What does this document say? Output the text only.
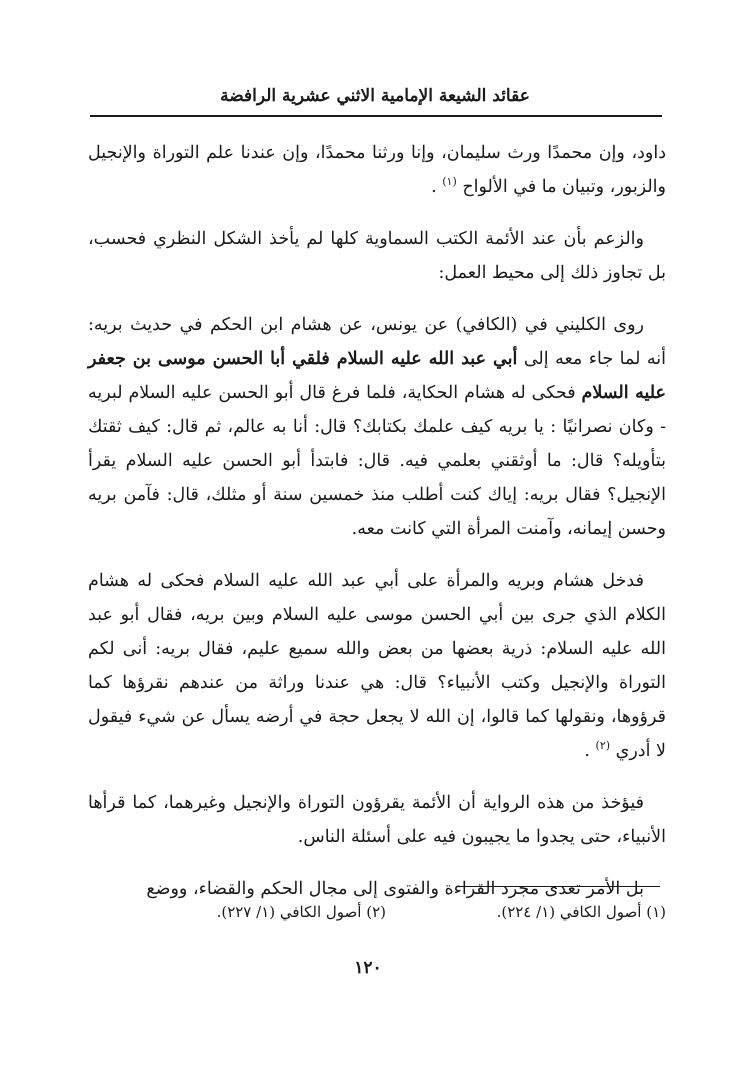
عقائد الشيعة الإمامية الاثني عشرية الرافضة

داود، وإن محمدًا ورث سليمان، وإنا ورثنا محمدًا، وإن عندنا علم التوراة والإنجيل والزبور، وتبيان ما في الألواح $^{(١)}$ .

والزعم بأن عند الأئمة الكتب السماوية كلها لم يأخذ الشكل النظري فحسب، بل تجاوز ذلك إلى محيط العمل:

روى الكليني في (الكافي) عن يونس، عن هشام ابن الحكم في حديث بريه: أنه لما جاء معه إلى أبي عبد الله عليه السلام فلقي أبا الحسن موسى بن جعفر عليه السلام فحكى له هشام الحكاية، فلما فرغ قال أبو الحسن عليه السلام لبريه - وكان نصرانيًا : يا بريه كيف علمك بكتابك؟ قال: أنا به عالم، ثم قال: كيف ثقتك بتأويله؟ قال: ما أوثقني بعلمي فيه. قال: فابتدأ أبو الحسن عليه السلام يقرأ الإنجيل؟ فقال بريه: إياك كنت أطلب منذ خمسين سنة أو مثلك، قال: فآمن بريه وحسن إيمانه، وآمنت المرأة التي كانت معه.

فدخل هشام وبريه والمرأة على أبي عبد الله عليه السلام فحكى له هشام الكلام الذي جرى بين أبي الحسن موسى عليه السلام وبين بريه، فقال أبو عبد الله عليه السلام: ذرية بعضها من بعض والله سميع عليم، فقال بريه: أنى لكم التوراة والإنجيل وكتب الأنبياء؟ قال: هي عندنا وراثة من عندهم نقرؤها كما قرؤوها، ونقولها كما قالوا، إن الله لا يجعل حجة في أرضه يسأل عن شيء فيقول لا أدري $^{(٢)}$ .

فيؤخذ من هذه الرواية أن الأئمة يقرؤون التوراة والإنجيل وغيرهما، كما قرأها الأنبياء، حتى يجدوا ما يجيبون فيه على أسئلة الناس.

بل الأمر تعدى مجرد القراءة والفتوى إلى مجال الحكم والقضاء، ووضع

(١) أصول الكافي (١/ ٢٢٤).(٢) أصول الكافي (١/ ٢٢٧).
١٢٠
